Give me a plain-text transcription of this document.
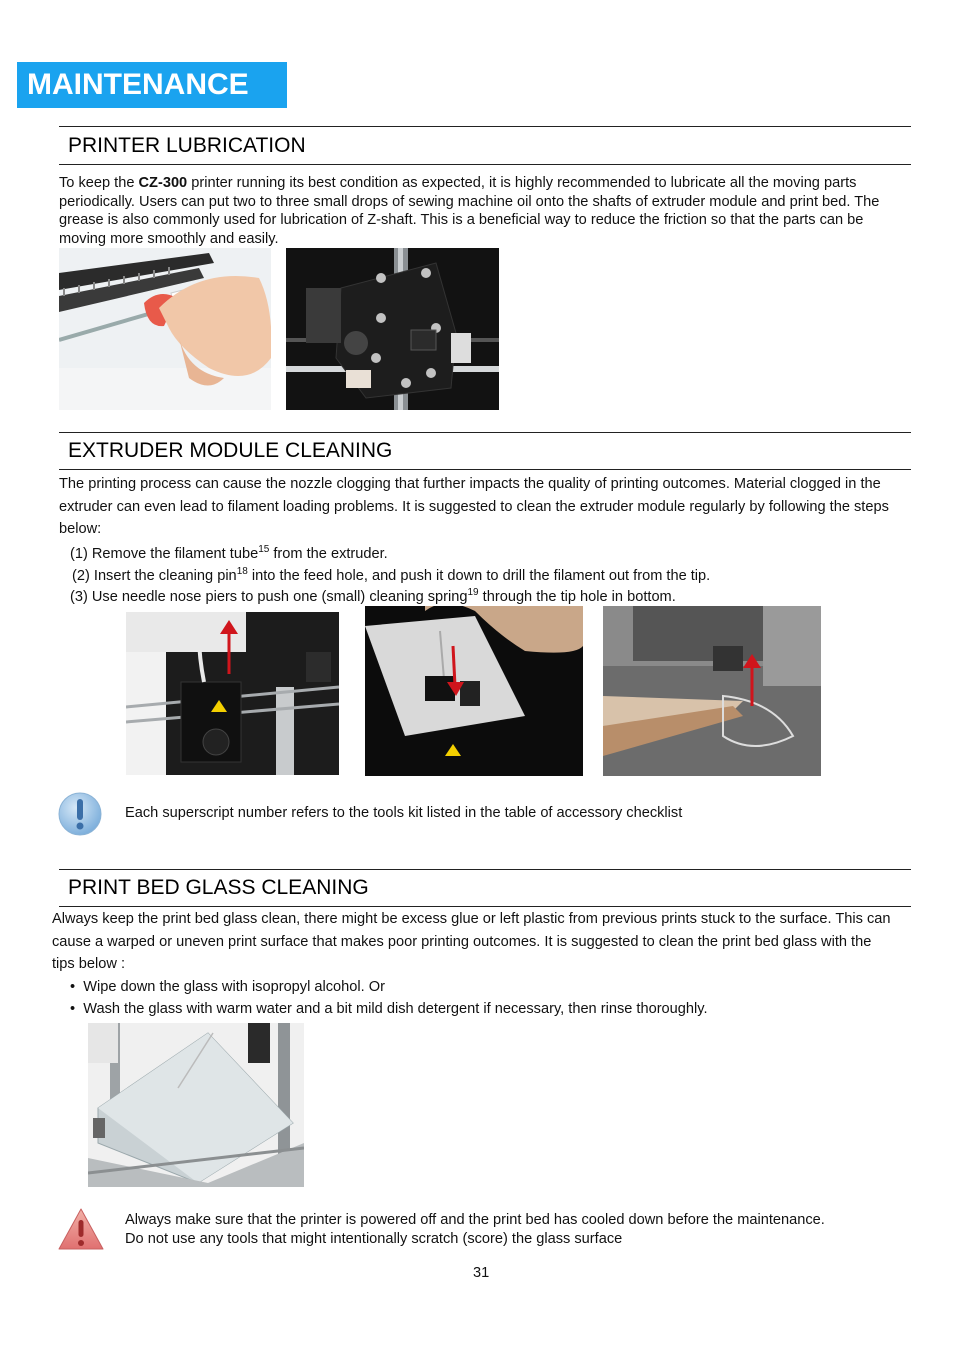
MAINTENANCE
PRINTER LUBRICATION
To keep the CZ-300 printer running its best condition as expected, it is highly recommended to lubricate all the moving parts periodically. Users can put two to three small drops of sewing machine oil onto the shafts of extruder module and print bed. The grease is also commonly used for lubrication of Z-shaft. This is a beneficial way to reduce the friction so that the parts can be moving more smoothly and easily.
EXTRUDER MODULE CLEANING
The printing process can cause the nozzle clogging that further impacts the quality of printing outcomes. Material clogged in the extruder can even lead to filament loading problems. It is suggested to clean the extruder module regularly by following the steps below:
(1) Remove the filament tube$^{15}$ from the extruder.
(2) Insert the cleaning pin$^{18}$ into the feed hole, and push it down to drill the filament out from the tip.
(3) Use needle nose piers to push one (small) cleaning spring$^{19}$ through the tip hole in bottom.
Each superscript number refers to the tools kit listed in the table of accessory checklist
PRINT BED GLASS CLEANING
Always keep the print bed glass clean, there might be excess glue or left plastic from previous prints stuck to the surface. This can cause a warped or uneven print surface that makes poor printing outcomes. It is suggested to clean the print bed glass with the tips below :
•  Wipe down the glass with isopropyl alcohol. Or
•  Wash the glass with warm water and a bit mild dish detergent if necessary, then rinse thoroughly.
Always make sure that the printer is powered off and the print bed has cooled down before the maintenance. Do not use any tools that might intentionally scratch (score) the glass surface
31
